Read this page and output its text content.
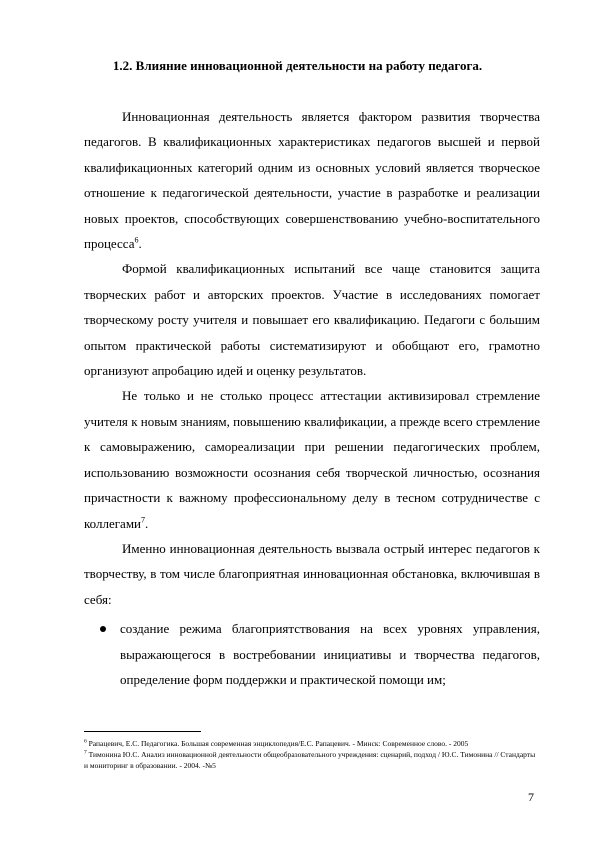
1.2. Влияние инновационной деятельности на работу педагога.

Инновационная деятельность является фактором развития творчества педагогов. В квалификационных характеристиках педагогов высшей и первой квалификационных категорий одним из основных условий является творческое отношение к педагогической деятельности, участие в разработке и реализации новых проектов, способствующих совершенствованию учебно-воспитательного процесса$^6$.

Формой квалификационных испытаний все чаще становится защита творческих работ и авторских проектов. Участие в исследованиях помогает творческому росту учителя и повышает его квалификацию. Педагоги с большим опытом практической работы систематизируют и обобщают его, грамотно организуют апробацию идей и оценку результатов.

Не только и не столько процесс аттестации активизировал стремление учителя к новым знаниям, повышению квалификации, а прежде всего стремление к самовыражению, самореализации при решении педагогических проблем, использованию возможности осознания себя творческой личностью, осознания причастности к важному профессиональному делу в тесном сотрудничестве с коллегами$^7$.

Именно инновационная деятельность вызвала острый интерес педагогов к творчеству, в том числе благоприятная инновационная обстановка, включившая в себя:

создание режима благоприятствования на всех уровнях управления, выражающегося в востребовании инициативы и творчества педагогов, определение форм поддержки и практической помощи им;

$^6$ Рапацевич, Е.С. Педагогика. Большая современная энциклопедия/Е.С. Рапацевич. - Минск: Современное слово. - 2005

$^7$ Тимонина Ю.С. Анализ инновационной деятельности общеобразовательного учреждения: сценарий, подход / Ю.С. Тимонина // Стандарты и мониторинг в образовании. - 2004. -№5

7
